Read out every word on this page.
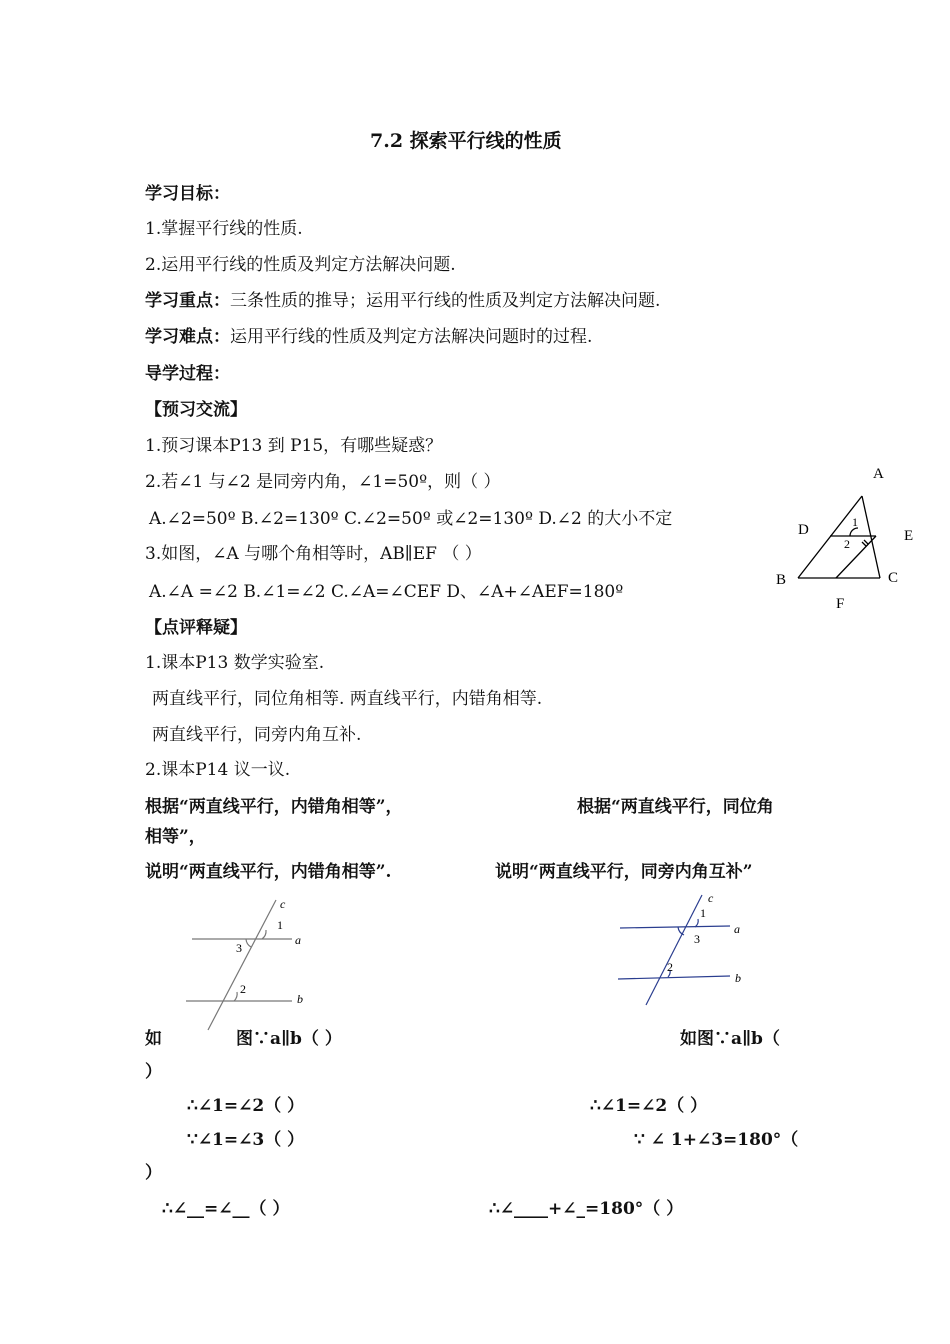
7.2 探索平行线的性质
学习目标：
1.掌握平行线的性质.
2.运用平行线的性质及判定方法解决问题.
学习重点：三条性质的推导；运用平行线的性质及判定方法解决问题.
学习难点：运用平行线的性质及判定方法解决问题时的过程.
导学过程：
【预习交流】
1.预习课本P13 到 P15，有哪些疑惑？
2.若∠1 与∠2 是同旁内角，∠1=50º，则（ ）
A.∠2=50º B.∠2=130º C.∠2=50º 或∠2=130º D.∠2 的大小不定
3.如图，∠A 与哪个角相等时，AB∥EF （ ）
A.∠A =∠2 B.∠1=∠2 C.∠A=∠CEF D、∠A+∠AEF=180º
A
D	E
B	C
F
1
2
【点评释疑】
1.课本P13 数学实验室.
两直线平行，同位角相等. 两直线平行，内错角相等.
两直线平行，同旁内角互补.
2.课本P14 议一议.
根据“两直线平行，内错角相等”，	根据“两直线平行，同位角
相等”，
说明“两直线平行，内错角相等”.	说明“两直线平行，同旁内角互补”
c
1
a
3
2
b
c
1
a
3
2
b
如	图∵a∥b（ ）	如图∵a∥b（
）
∴∠1=∠2（ ）	∴∠1=∠2（ ）
∵∠1=∠3（ ）	∵ ∠ 1+∠3=180°（
）
∴∠__=∠__（ ）	∴∠____+∠_=180°（ ）
